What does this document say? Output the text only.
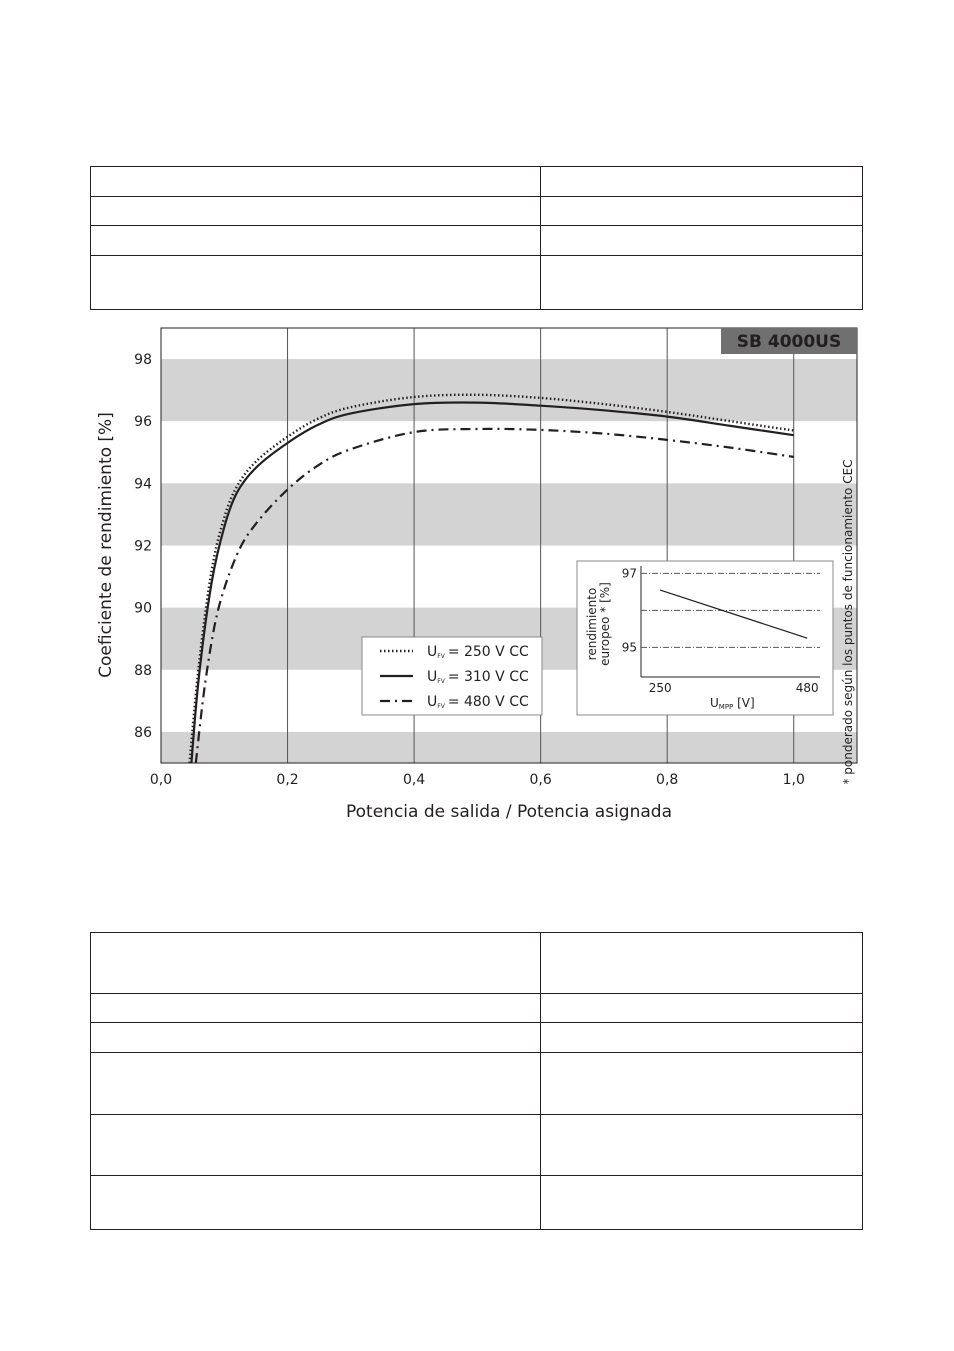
86
88
90
92
94
96
98
0,0	0,2	0,4	0,6	0,8	1,0
SB 4000US
Coeficiente de rendimiento [%]
Potencia de salida / Potencia asignada
* ponderado según los puntos de funcionamiento CEC
UFV = 250 V CC
UFV = 310 V CC
UFV = 480 V CC
95
97
250	480
rendimiento europeo * [%]
UMPP [V]
